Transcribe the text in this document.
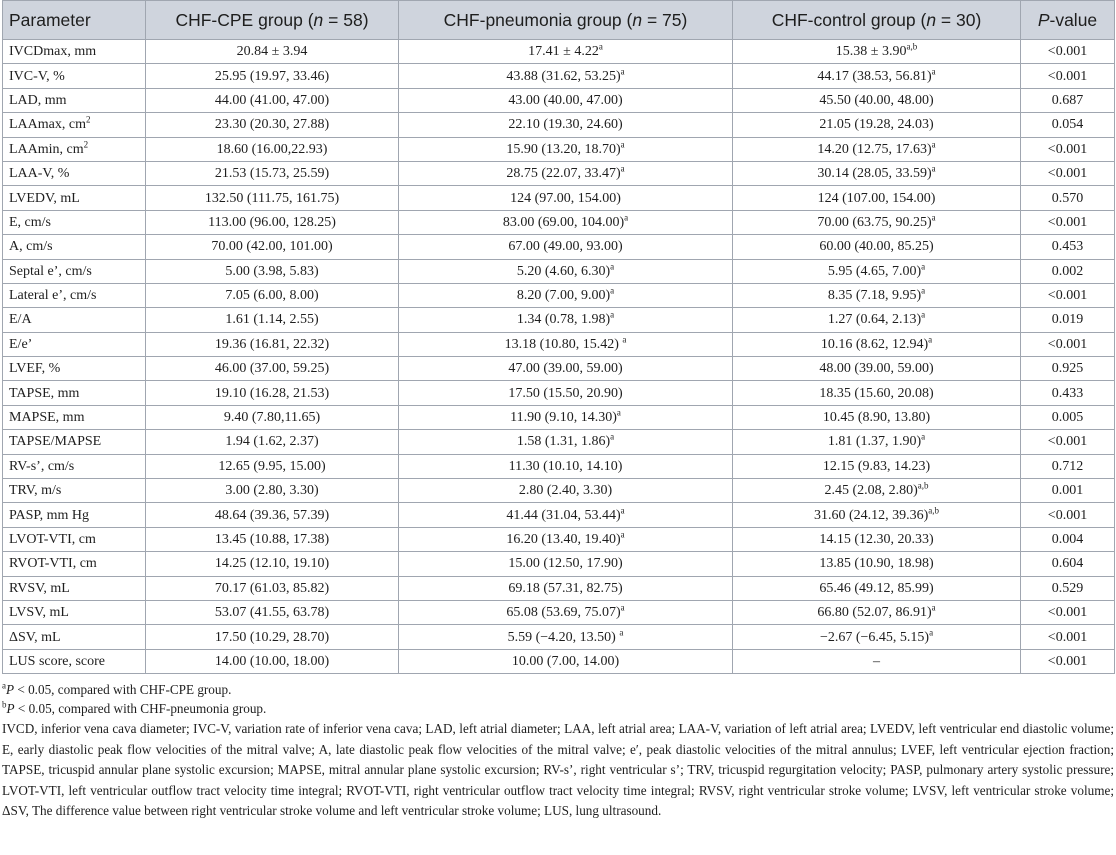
Parameter	CHF-CPE group (n = 58)	CHF-pneumonia group (n = 75)	CHF-control group (n = 30)	P-value
IVCDmax, mm	20.84 ± 3.94	17.41 ± 4.22$^a$	$15.38 \pm 3.90^{a,b}$	<0.001
IVC-V, %	25.95 (19.97, 33.46)	43.88 (31.62, 53.25)$^a$	44.17 (38.53, 56.81)$^a$	<0.001
LAD, mm	44.00 (41.00, 47.00)	43.00 (40.00, 47.00)	45.50 (40.00, 48.00)	0.687
LAAmax, $cm^2$	23.30 (20.30, 27.88)	22.10 (19.30, 24.60)	21.05 (19.28, 24.03)	0.054
LAAmin, $cm^2$	18.60 (16.00,22.93)	15.90 (13.20, 18.70)$^a$	14.20 (12.75, 17.63)$^a$	<0.001
LAA-V, %	21.53 (15.73, 25.59)	28.75 (22.07, 33.47)$^a$	30.14 (28.05, 33.59)$^a$	<0.001
LVEDV, mL	132.50 (111.75, 161.75)	124 (97.00, 154.00)	124 (107.00, 154.00)	0.570
E, cm/s	113.00 (96.00, 128.25)	83.00 (69.00, 104.00)$^a$	70.00 (63.75, 90.25)$^a$	<0.001
A, cm/s	70.00 (42.00, 101.00)	67.00 (49.00, 93.00)	60.00 (40.00, 85.25)	0.453
Septal e’, cm/s	5.00 (3.98, 5.83)	5.20 (4.60, 6.30)$^a$	5.95 (4.65, 7.00)$^a$	0.002
Lateral e’, cm/s	7.05 (6.00, 8.00)	8.20 (7.00, 9.00)$^a$	8.35 (7.18, 9.95)$^a$	<0.001
E/A	1.61 (1.14, 2.55)	1.34 (0.78, 1.98)$^a$	1.27 (0.64, 2.13)$^a$	0.019
E/e’	19.36 (16.81, 22.32)	13.18 (10.80, 15.42) $^a$	10.16 (8.62, 12.94)$^a$	<0.001
LVEF, %	46.00 (37.00, 59.25)	47.00 (39.00, 59.00)	48.00 (39.00, 59.00)	0.925
TAPSE, mm	19.10 (16.28, 21.53)	17.50 (15.50, 20.90)	18.35 (15.60, 20.08)	0.433
MAPSE, mm	9.40 (7.80,11.65)	11.90 (9.10, 14.30)$^a$	10.45 (8.90, 13.80)	0.005
TAPSE/MAPSE	1.94 (1.62, 2.37)	1.58 (1.31, 1.86)$^a$	1.81 (1.37, 1.90)$^a$	<0.001
RV-s’, cm/s	12.65 (9.95, 15.00)	11.30 (10.10, 14.10)	12.15 (9.83, 14.23)	0.712
TRV, m/s	3.00 (2.80, 3.30)	2.80 (2.40, 3.30)	2.45 (2.08, 2.80)$^{a,b}$	0.001
PASP, mm Hg	48.64 (39.36, 57.39)	41.44 (31.04, 53.44)$^a$	31.60 (24.12, 39.36)$^{a,b}$	<0.001
LVOT-VTI, cm	13.45 (10.88, 17.38)	16.20 (13.40, 19.40)$^a$	14.15 (12.30, 20.33)	0.004
RVOT-VTI, cm	14.25 (12.10, 19.10)	15.00 (12.50, 17.90)	13.85 (10.90, 18.98)	0.604
RVSV, mL	70.17 (61.03, 85.82)	69.18 (57.31, 82.75)	65.46 (49.12, 85.99)	0.529
LVSV, mL	53.07 (41.55, 63.78)	65.08 (53.69, 75.07)$^a$	66.80 (52.07, 86.91)$^a$	<0.001
ΔSV, mL	17.50 (10.29, 28.70)	5.59 (−4.20, 13.50) $^a$	−2.67 (−6.45, 5.15)$^a$	<0.001
LUS score, score	14.00 (10.00, 18.00)	10.00 (7.00, 14.00)	–	<0.001
$^a$P < 0.05, compared with CHF-CPE group.
$^b$P < 0.05, compared with CHF-pneumonia group.
IVCD, inferior vena cava diameter; IVC-V, variation rate of inferior vena cava; LAD, left atrial diameter; LAA, left atrial area; LAA-V, variation of left atrial area; LVEDV, left ventricular end diastolic volume; E, early diastolic peak flow velocities of the mitral valve; A, late diastolic peak flow velocities of the mitral valve; e′, peak diastolic velocities of the mitral annulus; LVEF, left ventricular ejection fraction; TAPSE, tricuspid annular plane systolic excursion; MAPSE, mitral annular plane systolic excursion; RV-s’, right ventricular s’; TRV, tricuspid regurgitation velocity; PASP, pulmonary artery systolic pressure; LVOT-VTI, left ventricular outflow tract velocity time integral; RVOT-VTI, right ventricular outflow tract velocity time integral; RVSV, right ventricular stroke volume; LVSV, left ventricular stroke volume; ΔSV, The difference value between right ventricular stroke volume and left ventricular stroke volume; LUS, lung ultrasound.
